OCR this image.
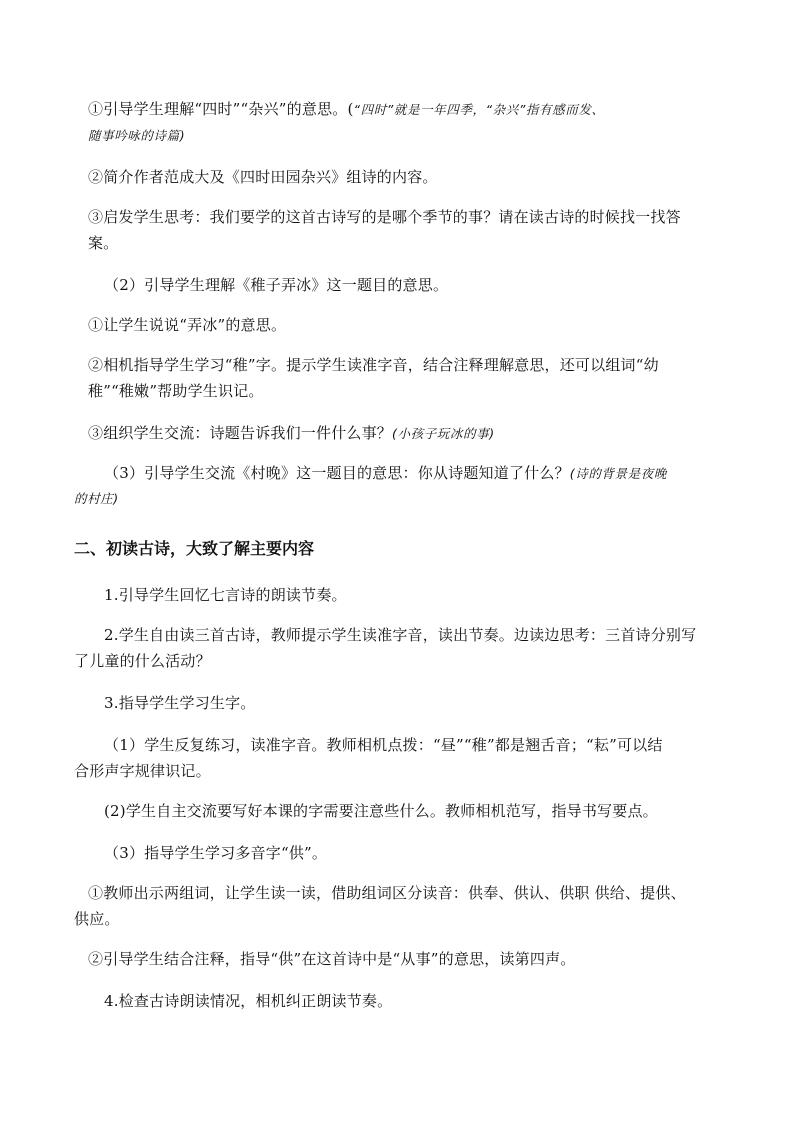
①引导学生理解“四时”“杂兴”的意思。(“四时”就是一年四季，“杂兴”指有感而发、
随事吟咏的诗篇)
②简介作者范成大及《四时田园杂兴》组诗的内容。
③启发学生思考：我们要学的这首古诗写的是哪个季节的事？请在读古诗的时候找一找答
案。
（2）引导学生理解《稚子弄冰》这一题目的意思。
①让学生说说“弄冰”的意思。
②相机指导学生学习“稚”字。提示学生读准字音，结合注释理解意思，还可以组词“幼
稚”“稚嫩”帮助学生识记。
③组织学生交流：诗题告诉我们一件什么事？(小孩子玩冰的事)
（3）引导学生交流《村晚》这一题目的意思：你从诗题知道了什么？(诗的背景是夜晚
的村庄)
二、初读古诗，大致了解主要内容
1.引导学生回忆七言诗的朗读节奏。
2.学生自由读三首古诗，教师提示学生读准字音，读出节奏。边读边思考：三首诗分别写
了儿童的什么活动？
3.指导学生学习生字。
（1）学生反复练习，读准字音。教师相机点拨：“昼”“稚”都是翘舌音；“耘”可以结
合形声字规律识记。
(2)学生自主交流要写好本课的字需要注意些什么。教师相机范写，指导书写要点。
（3）指导学生学习多音字“供”。
①教师出示两组词，让学生读一读，借助组词区分读音：供奉、供认、供职 供给、提供、
供应。
②引导学生结合注释，指导“供”在这首诗中是“从事”的意思，读第四声。
4.检查古诗朗读情况，相机纠正朗读节奏。
